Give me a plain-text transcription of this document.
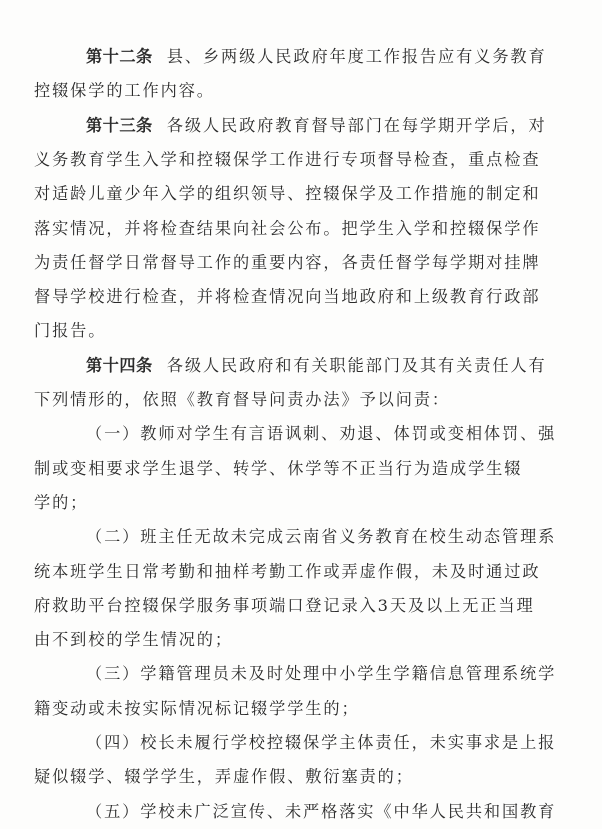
第十二条 县、乡两级人民政府年度工作报告应有义务教育
控辍保学的工作内容。
第十三条 各级人民政府教育督导部门在每学期开学后，对
义务教育学生入学和控辍保学工作进行专项督导检查，重点检查
对适龄儿童少年入学的组织领导、控辍保学及工作措施的制定和
落实情况，并将检查结果向社会公布。把学生入学和控辍保学作
为责任督学日常督导工作的重要内容，各责任督学每学期对挂牌
督导学校进行检查，并将检查情况向当地政府和上级教育行政部
门报告。
第十四条 各级人民政府和有关职能部门及其有关责任人有
下列情形的，依照《教育督导问责办法》予以问责：
（一）教师对学生有言语讽刺、劝退、体罚或变相体罚、强
制或变相要求学生退学、转学、休学等不正当行为造成学生辍
学的；
（二）班主任无故未完成云南省义务教育在校生动态管理系
统本班学生日常考勤和抽样考勤工作或弄虚作假，未及时通过政
府救助平台控辍保学服务事项端口登记录入3天及以上无正当理
由不到校的学生情况的；
（三）学籍管理员未及时处理中小学生学籍信息管理系统学
籍变动或未按实际情况标记辍学学生的；
（四）校长未履行学校控辍保学主体责任，未实事求是上报
疑似辍学、辍学学生，弄虚作假、敷衍塞责的；
（五）学校未广泛宣传、未严格落实《中华人民共和国教育
